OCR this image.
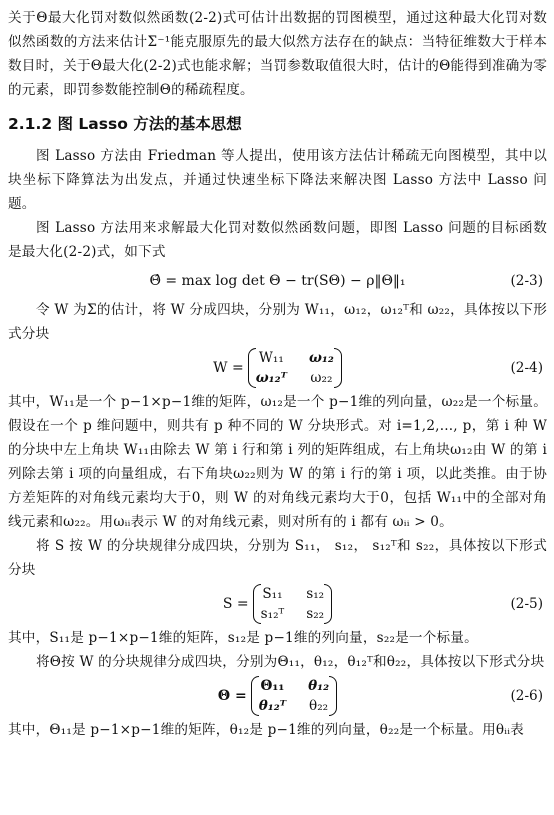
关于Θ最大化罚对数似然函数(2-2)式可估计出数据的罚图模型，通过这种最大化罚对数似然函数的方法来估计Σ⁻¹能克服原先的最大似然方法存在的缺点：当特征维数大于样本数目时，关于Θ最大化(2-2)式也能求解；当罚参数取值很大时，估计的Θ能得到准确为零的元素，即罚参数能控制Θ的稀疏程度。

2.1.2 图 Lasso 方法的基本思想

图 Lasso 方法由 Friedman 等人提出，使用该方法估计稀疏无向图模型，其中以块坐标下降算法为出发点，并通过快速坐标下降法来解决图 Lasso 方法中 Lasso 问题。

图 Lasso 方法用来求解最大化罚对数似然函数问题，即图 Lasso 问题的目标函数是最大化(2-2)式，如下式

Θ̂ = max log det Θ − tr(SΘ) − ρ‖Θ‖₁	(2-3)

令 W 为Σ的估计，将 W 分成四块，分别为 W₁₁，ω₁₂，ω₁₂ᵀ和 ω₂₂，具体按以下形式分块

W =
W₁₁ ω₁₂
ω₁₂ᵀ ω₂₂
(2-4)

其中，W₁₁是一个 p−1×p−1维的矩阵，ω₁₂是一个 p−1维的列向量，ω₂₂是一个标量。假设在一个 p 维问题中，则共有 p 种不同的 W 分块形式。对 i=1,2,..., p，第 i 种 W 的分块中左上角块 W₁₁由除去 W 第 i 行和第 i 列的矩阵组成，右上角块ω₁₂由 W 的第 i 列除去第 i 项的向量组成，右下角块ω₂₂则为 W 的第 i 行的第 i 项，以此类推。由于协方差矩阵的对角线元素均大于0，则 W 的对角线元素均大于0，包括 W₁₁中的全部对角线元素和ω₂₂。用ωᵢᵢ表示 W 的对角线元素，则对所有的 i 都有 ωᵢᵢ > 0。

将 S 按 W 的分块规律分成四块，分别为 S₁₁， s₁₂， s₁₂ᵀ和 s₂₂，具体按以下形式分块

S =
S₁₁ s₁₂
s₁₂ᵀ s₂₂
(2-5)

其中，S₁₁是 p−1×p−1维的矩阵，s₁₂是 p−1维的列向量，s₂₂是一个标量。

将Θ按 W 的分块规律分成四块，分别为Θ₁₁，θ₁₂，θ₁₂ᵀ和θ₂₂，具体按以下形式分块

Θ =
Θ₁₁ θ₁₂
θ₁₂ᵀ θ₂₂
(2-6)

其中，Θ₁₁是 p−1×p−1维的矩阵，θ₁₂是 p−1维的列向量，θ₂₂是一个标量。用θᵢᵢ表
